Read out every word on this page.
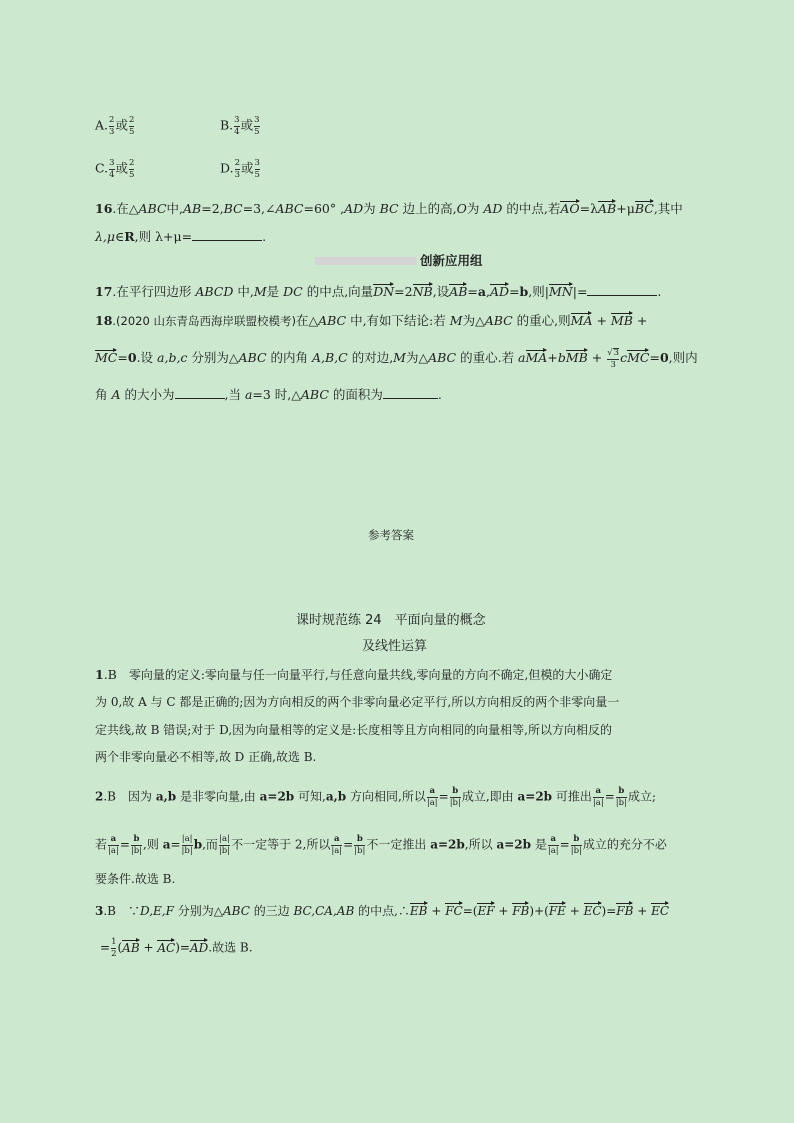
A. $\frac{2}{3}$ 或 $\frac{2}{5}$	B. $\frac{3}{4}$ 或 $\frac{3}{5}$
C. $\frac{3}{4}$ 或 $\frac{2}{5}$	D. $\frac{2}{3}$ 或 $\frac{3}{5}$
16.在△ABC中,AB=2,BC=3,∠ABC=60° ,AD为 BC 边上的高,O为 AD 的中点,若AO=λAB+μBC,其中
λ,μ∈R,则 λ+μ=	.
创新应用组
17.在平行四边形 ABCD 中,M是 DC 的中点,向量DN=2NB,设AB=a,AD=b,则|MN|=	.
18.(2020 山东青岛西海岸联盟校模考)在△ABC 中,有如下结论:若 M为△ABC 的重心,则MA + MB +
MC=0.设 a,b,c 分别为△ABC 的内角 A,B,C 的对边,M为△ABC 的重心.若 $aMA+bMB + \frac{√3}{3} cMC=0$,则内
角 A 的大小为	,当 a=3 时,△ABC 的面积为	.
参考答案
课时规范练 24　平面向量的概念
及线性运算
1.B　零向量的定义:零向量与任一向量平行,与任意向量共线,零向量的方向不确定,但模的大小确定
为 0,故 A 与 C 都是正确的;因为方向相反的两个非零向量必定平行,所以方向相反的两个非零向量一
定共线,故 B 错误;对于 D,因为向量相等的定义是:长度相等且方向相同的向量相等,所以方向相反的
两个非零向量必不相等,故 D 正确,故选 B.
2.B　因为 a,b 是非零向量,由 a=2b 可知,a,b 方向相同,所以 $\frac{a}{|a|} = \frac{b}{|b|}$ 成立,即由 a=2b 可推出 $\frac{a}{|a|} = \frac{b}{|b|}$ 成立;
若 $\frac{a}{|a|} = \frac{b}{|b|}$ ,则 $a= \frac{|a|}{|b|} b$,而 $\frac{|a|}{|b|}$ 不一定等于 2,所以 $\frac{a}{|a|} = \frac{b}{|b|}$ 不一定推出 a=2b,所以 a=2b 是 $\frac{a}{|a|} = \frac{b}{|b|}$ 成立的充分不必
要条件.故选 B.
3.B　∵D,E,F 分别为△ABC 的三边 BC,CA,AB 的中点,∴EB + FC=(EF + FB)+(FE + EC)=FB + EC
= $\frac{1}{2} (AB + AC)=AD$.故选 B.
